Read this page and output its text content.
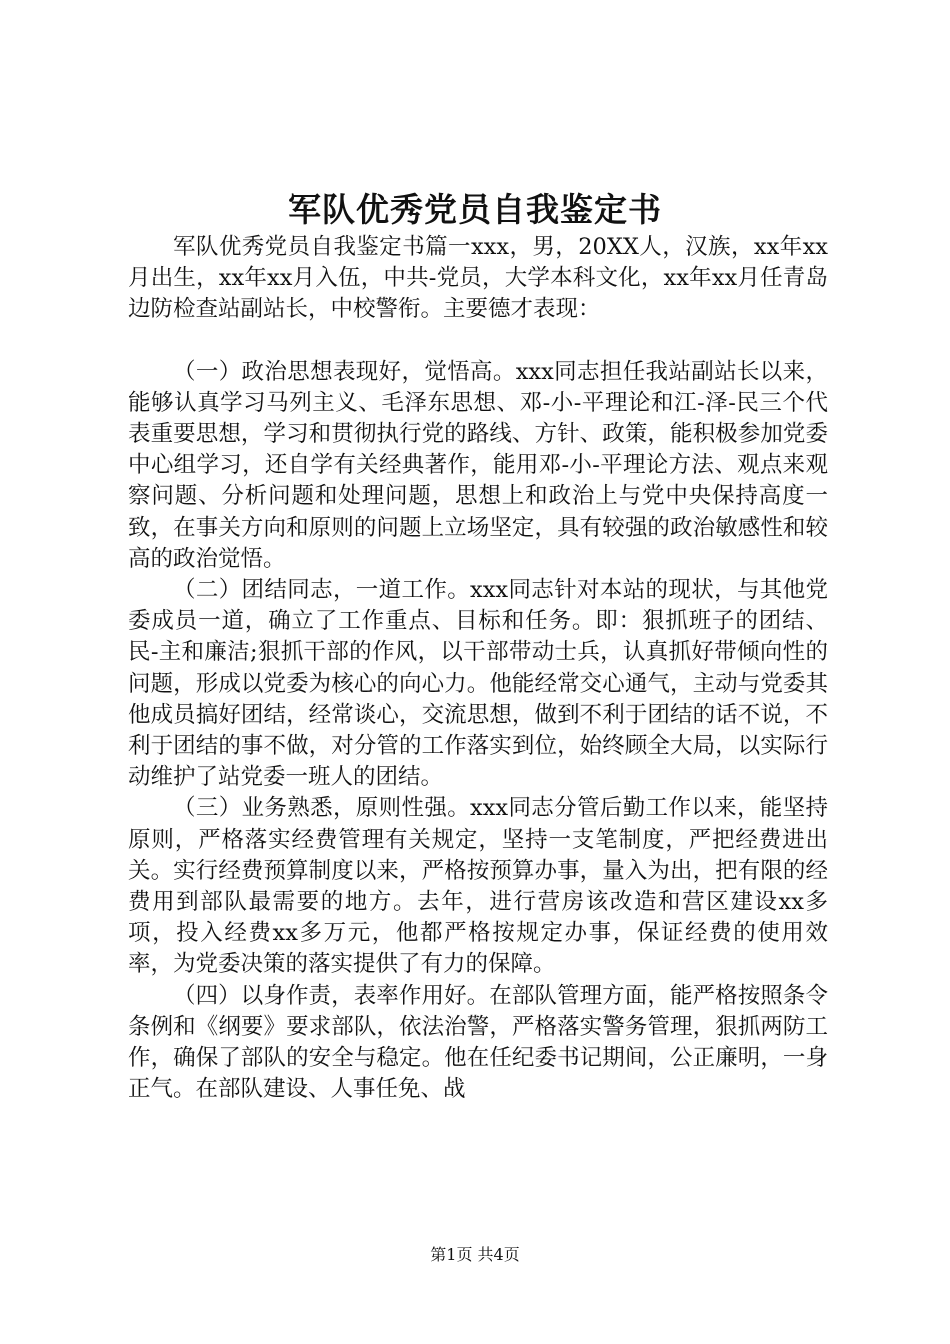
军队优秀党员自我鉴定书

军队优秀党员自我鉴定书篇一xxx，男，20XX人，汉族，xx年xx月出生，xx年xx月入伍，中共-党员，大学本科文化，xx年xx月任青岛边防检查站副站长，中校警衔。主要德才表现：

（一）政治思想表现好，觉悟高。xxx同志担任我站副站长以来，能够认真学习马列主义、毛泽东思想、邓-小-平理论和江-泽-民三个代表重要思想，学习和贯彻执行党的路线、方针、政策，能积极参加党委中心组学习，还自学有关经典著作，能用邓-小-平理论方法、观点来观察问题、分析问题和处理问题，思想上和政治上与党中央保持高度一致，在事关方向和原则的问题上立场坚定，具有较强的政治敏感性和较高的政治觉悟。

（二）团结同志，一道工作。xxx同志针对本站的现状，与其他党委成员一道，确立了工作重点、目标和任务。即：狠抓班子的团结、民-主和廉洁;狠抓干部的作风，以干部带动士兵，认真抓好带倾向性的问题，形成以党委为核心的向心力。他能经常交心通气，主动与党委其他成员搞好团结，经常谈心，交流思想，做到不利于团结的话不说，不利于团结的事不做，对分管的工作落实到位，始终顾全大局，以实际行动维护了站党委一班人的团结。

（三）业务熟悉，原则性强。xxx同志分管后勤工作以来，能坚持原则，严格落实经费管理有关规定，坚持一支笔制度，严把经费进出关。实行经费预算制度以来，严格按预算办事，量入为出，把有限的经费用到部队最需要的地方。去年，进行营房该改造和营区建设xx多项，投入经费xx多万元，他都严格按规定办事，保证经费的使用效率，为党委决策的落实提供了有力的保障。

（四）以身作责，表率作用好。在部队管理方面，能严格按照条令条例和《纲要》要求部队，依法治警，严格落实警务管理，狠抓两防工作，确保了部队的安全与稳定。他在任纪委书记期间，公正廉明，一身正气。在部队建设、人事任免、战

第1页 共4页
